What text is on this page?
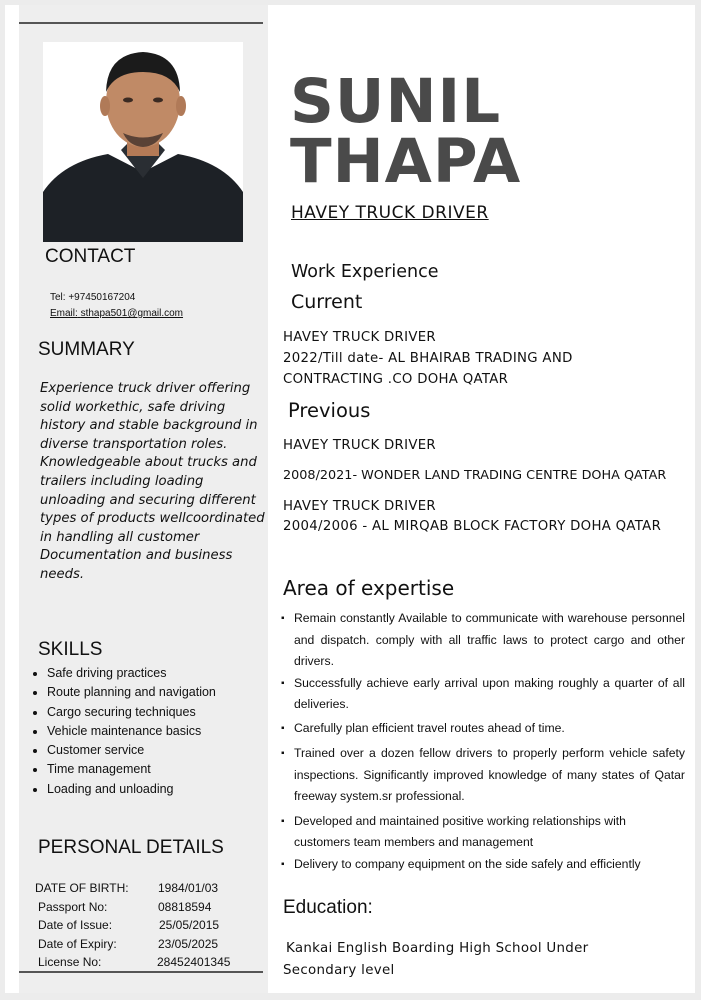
SUNIL
THAPA
HAVEY TRUCK DRIVER
CONTACT
Tel: +97450167204
Email: sthapa501@gmail.com
SUMMARY
Experience truck driver offering solid workethic, safe driving history and stable background in diverse transportation roles. Knowledgeable about trucks and trailers including loading unloading and securing different types of products wellcoordinated in handling all customer Documentation and business needs.
SKILLS
• Safe driving practices
• Route planning and navigation
• Cargo securing techniques
• Vehicle maintenance basics
• Customer service
• Time management
• Loading and unloading
PERSONAL DETAILS
DATE OF BIRTH: 1984/01/03
Passport No:	08818594
Date of Issue:	25/05/2015
Date of Expiry:	23/05/2025
License No:	28452401345
Work Experience
Current
HAVEY TRUCK DRIVER
2022/Till date- AL BHAIRAB TRADING AND
CONTRACTING .CO DOHA QATAR
Previous
HAVEY TRUCK DRIVER
2008/2021- WONDER LAND TRADING CENTRE DOHA QATAR
HAVEY TRUCK DRIVER
2004/2006 - AL MIRQAB BLOCK FACTORY DOHA QATAR
Area of expertise
▪ Remain constantly Available to communicate with warehouse personnel and dispatch. comply with all traffic laws to protect cargo and other drivers.
▪ Successfully achieve early arrival upon making roughly a quarter of all deliveries.
▪ Carefully plan efficient travel routes ahead of time.
▪ Trained over a dozen fellow drivers to properly perform vehicle safety inspections. Significantly improved knowledge of many states of Qatar freeway system.sr professional.
▪ Developed and maintained positive working relationships with customers team members and management
▪ Delivery to company equipment on the side safely and efficiently
Education:
Kankai English Boarding High School Under
Secondary level
